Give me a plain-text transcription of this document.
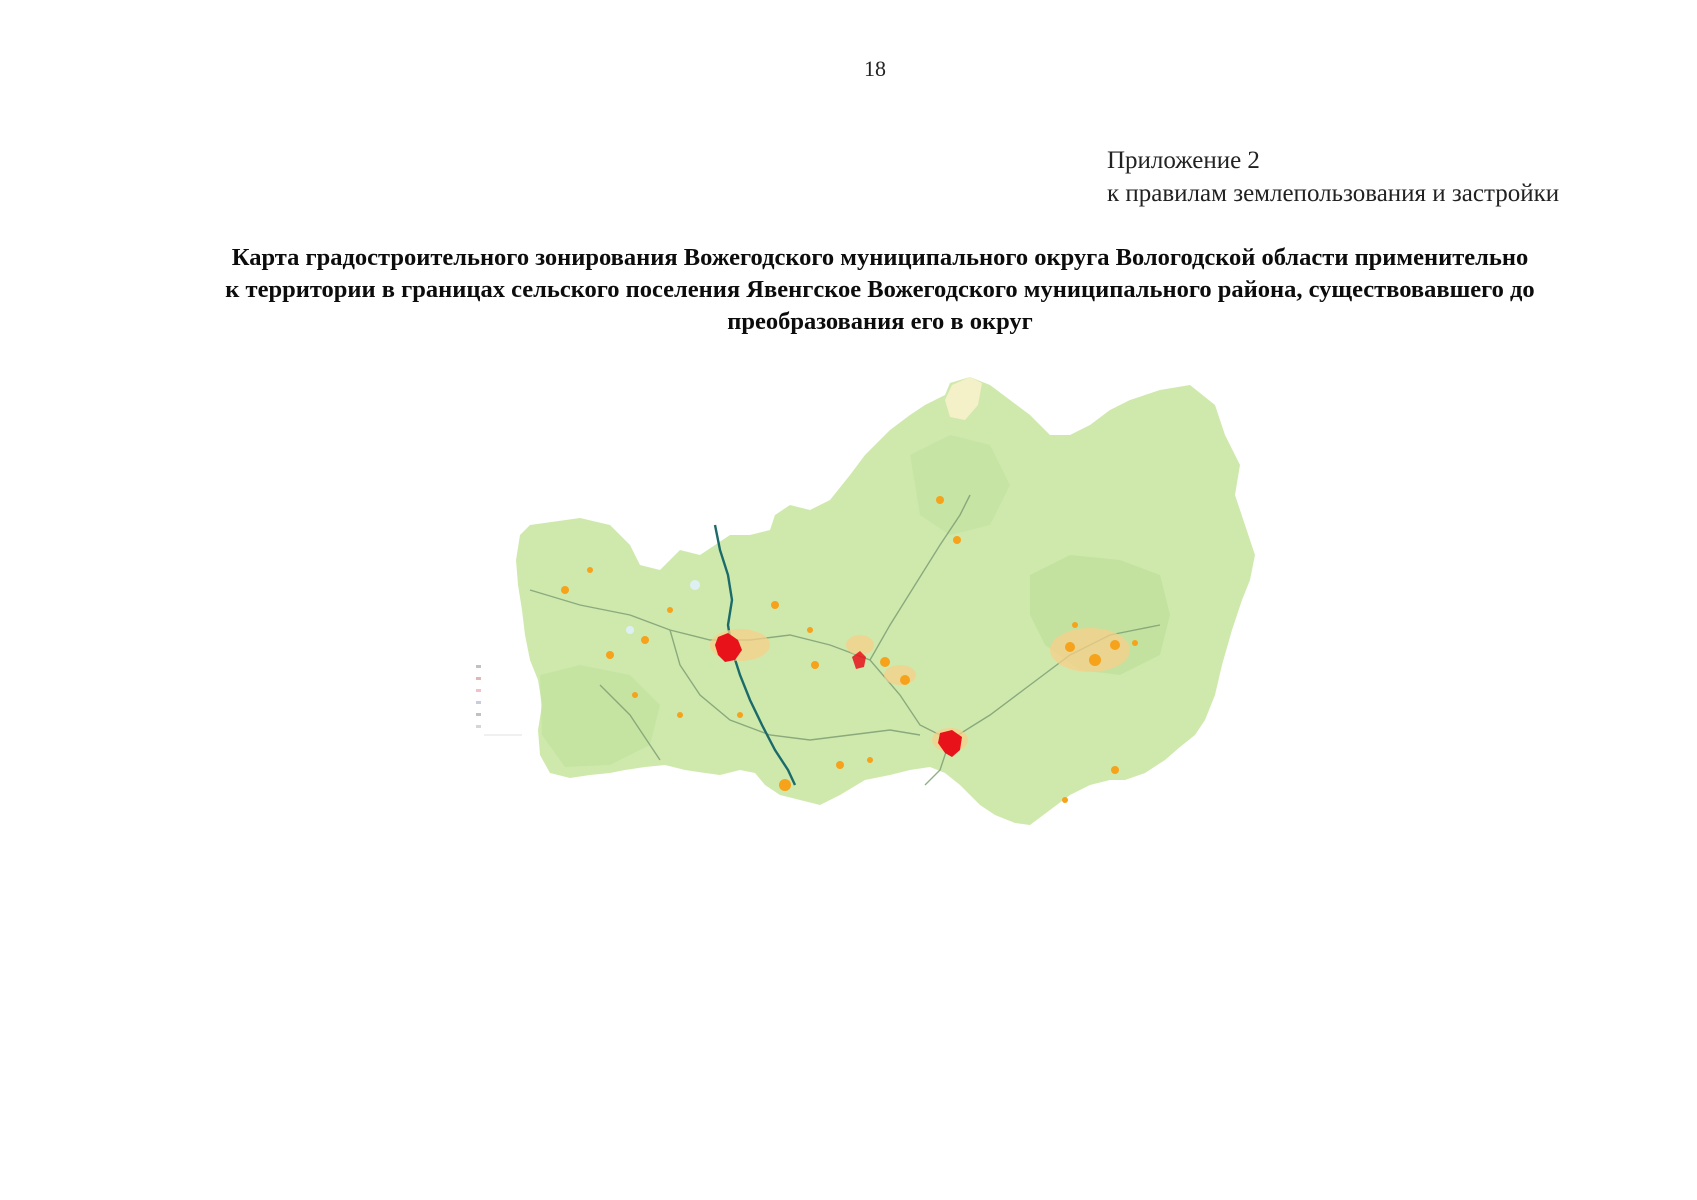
18
Приложение 2
к правилам землепользования и застройки
Карта градостроительного зонирования Вожегодского муниципального округа Вологодской области применительно
к территории в границах сельского поселения Явенгское Вожегодского муниципального района, существовавшего до
преобразования его в округ
